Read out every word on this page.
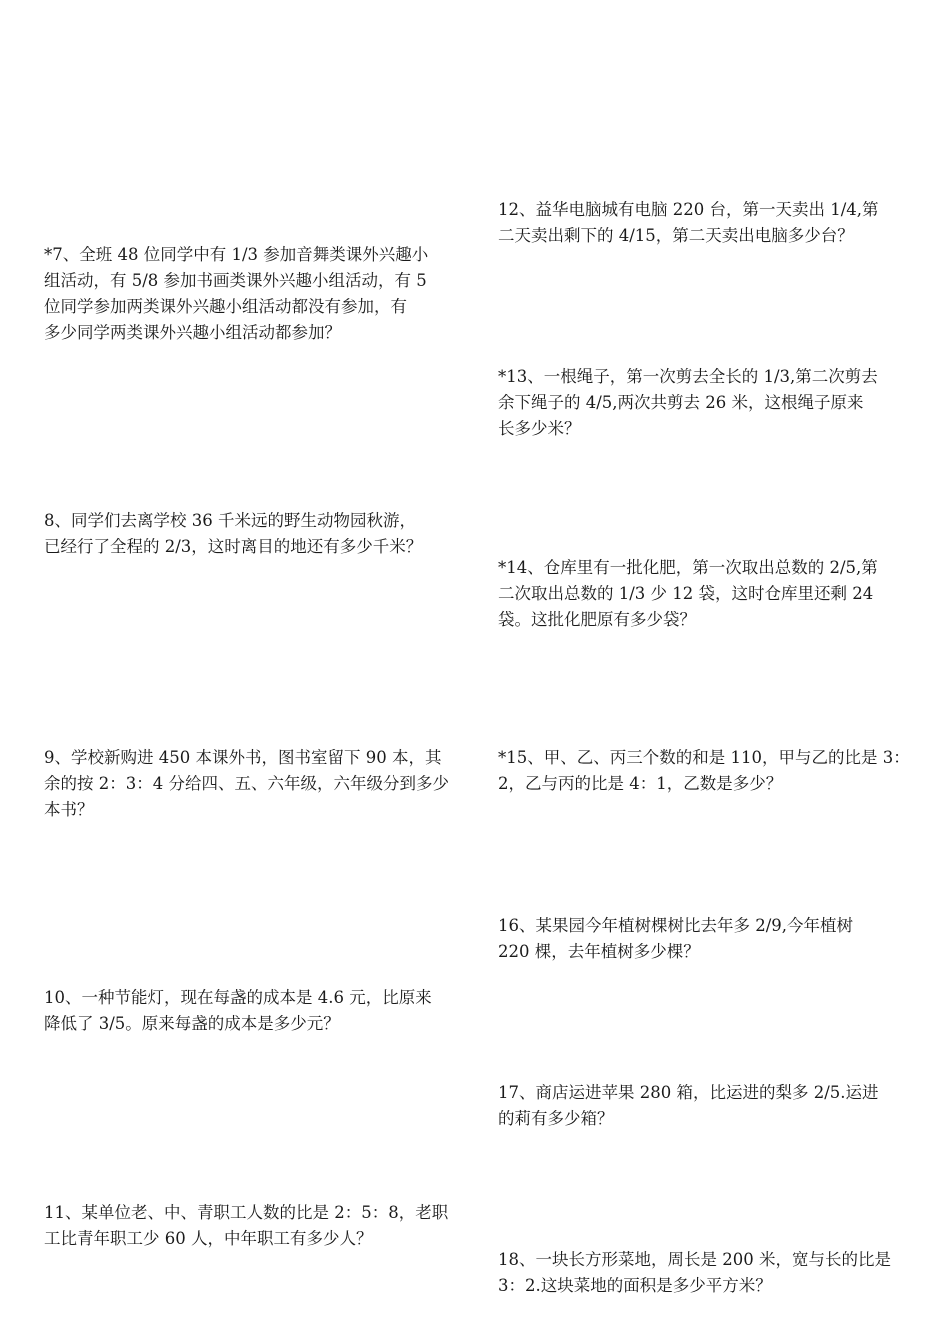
*7、全班 48 位同学中有 1/3 参加音舞类课外兴趣小
组活动，有 5/8 参加书画类课外兴趣小组活动，有 5
位同学参加两类课外兴趣小组活动都没有参加，有
多少同学两类课外兴趣小组活动都参加？
8、同学们去离学校 36 千米远的野生动物园秋游，
已经行了全程的 2/3，这时离目的地还有多少千米？
9、学校新购进 450 本课外书，图书室留下 90 本，其
余的按 2：3：4 分给四、五、六年级，六年级分到多少
本书？
10、一种节能灯，现在每盏的成本是 4.6 元，比原来
降低了 3/5。原来每盏的成本是多少元？
11、某单位老、中、青职工人数的比是 2：5：8，老职
工比青年职工少 60 人，中年职工有多少人？
12、益华电脑城有电脑 220 台，第一天卖出 1/4,第
二天卖出剩下的 4/15，第二天卖出电脑多少台？
*13、一根绳子，第一次剪去全长的 1/3,第二次剪去
余下绳子的 4/5,两次共剪去 26 米，这根绳子原来
长多少米？
*14、仓库里有一批化肥，第一次取出总数的 2/5,第
二次取出总数的 1/3 少 12 袋，这时仓库里还剩 24
袋。这批化肥原有多少袋？
*15、甲、乙、丙三个数的和是 110，甲与乙的比是 3：
2，乙与丙的比是 4：1，乙数是多少？
16、某果园今年植树棵树比去年多 2/9,今年植树
220 棵，去年植树多少棵？
17、商店运进苹果 280 箱，比运进的梨多 2/5.运进
的莉有多少箱？
18、一块长方形菜地，周长是 200 米，宽与长的比是
3：2.这块菜地的面积是多少平方米？
